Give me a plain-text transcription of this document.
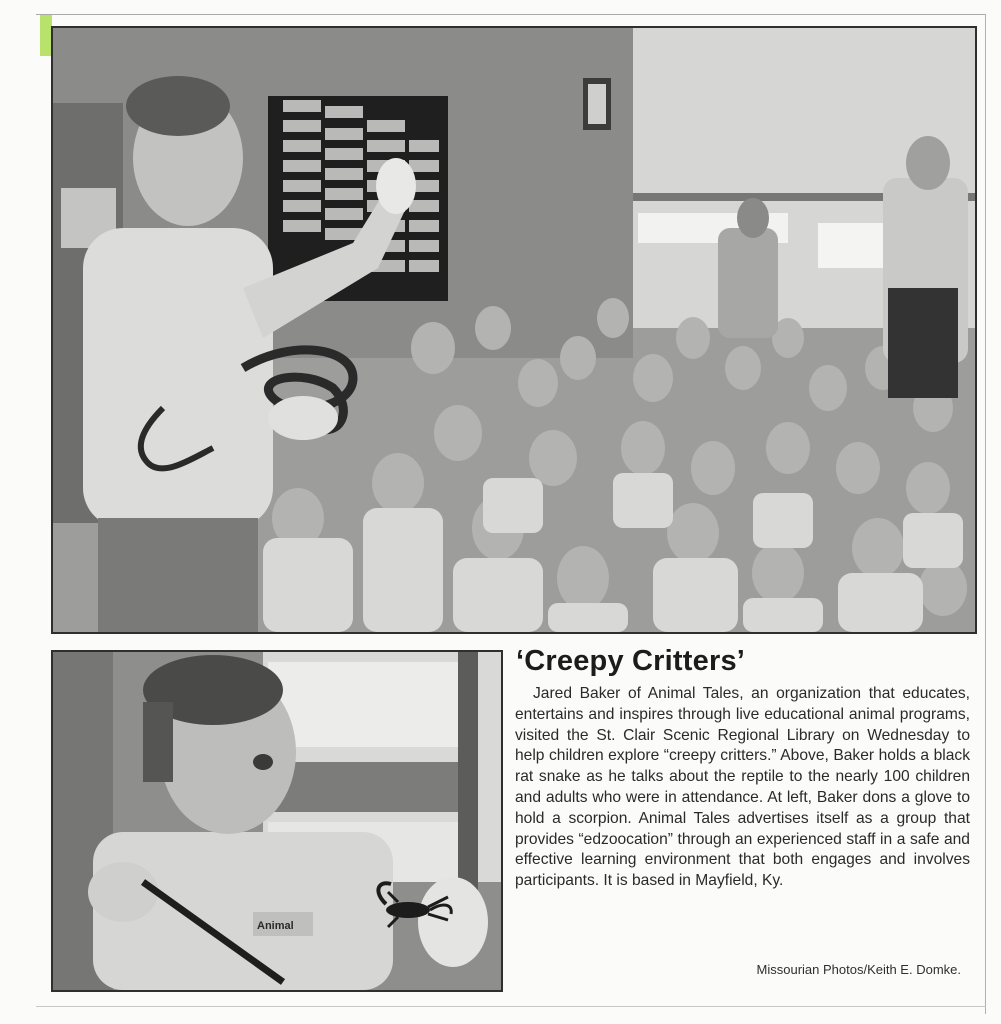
Animal
‘Creepy Critters’

Jared Baker of Animal Tales, an organization that educates, entertains and inspires through live educational animal programs, visited the St. Clair Scenic Regional Library on Wednesday to help children explore “creepy critters.” Above, Baker holds a black rat snake as he talks about the reptile to the nearly 100 children and adults who were in attendance. At left, Baker dons a glove to hold a scorpion. Animal Tales advertises itself as a group that provides “edzoocation” through an experienced staff in a safe and effective learning environment that both engages and involves participants. It is based in Mayfield, Ky.

Missourian Photos/Keith E. Domke.
